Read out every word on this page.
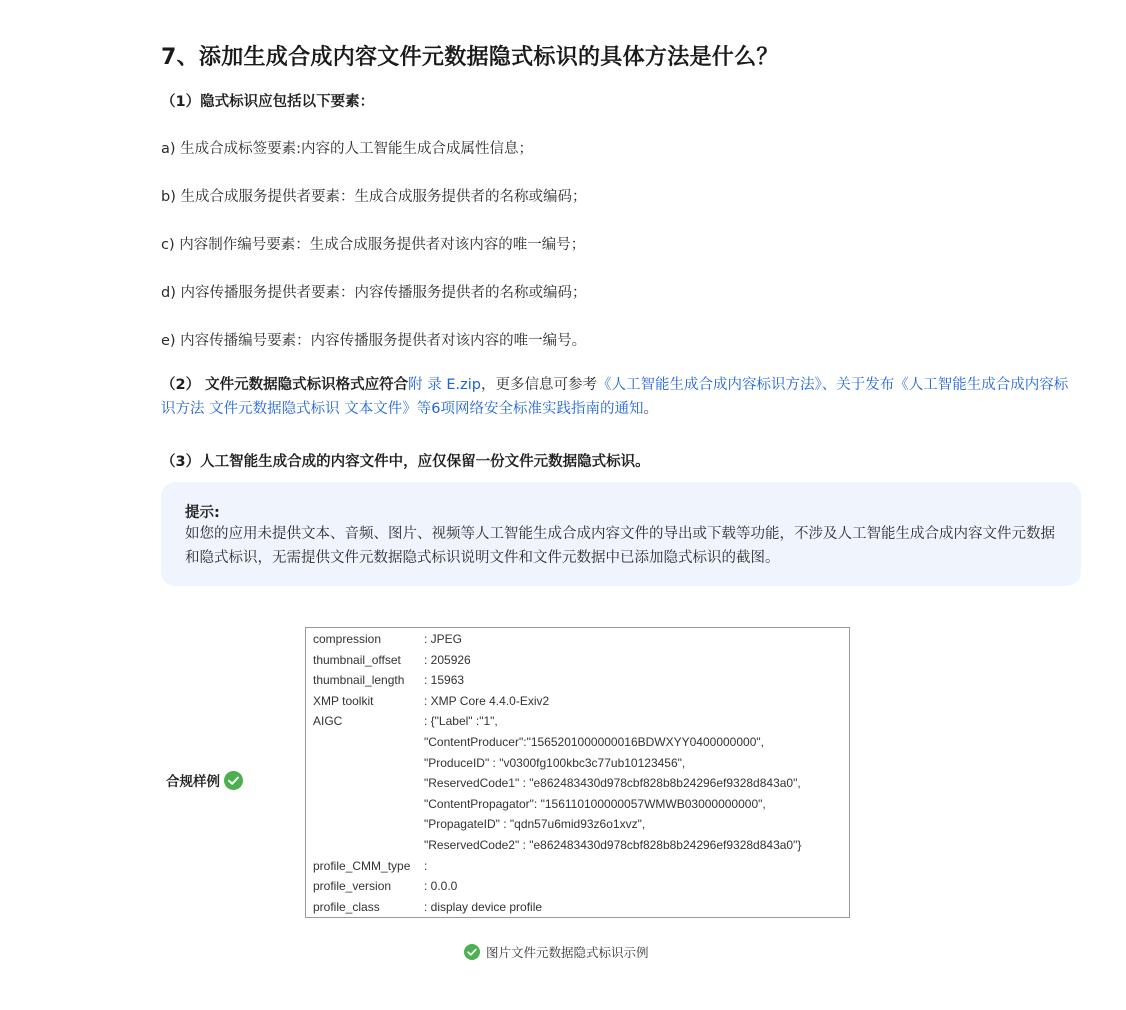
7、添加生成合成内容文件元数据隐式标识的具体方法是什么？
（1）隐式标识应包括以下要素：
a) 生成合成标签要素:内容的人工智能生成合成属性信息；
b) 生成合成服务提供者要素：生成合成服务提供者的名称或编码；
c) 内容制作编号要素：生成合成服务提供者对该内容的唯一编号；
d) 内容传播服务提供者要素：内容传播服务提供者的名称或编码；
e) 内容传播编号要素：内容传播服务提供者对该内容的唯一编号。
（2） 文件元数据隐式标识格式应符合附 录 E.zip，更多信息可参考《人工智能生成合成内容标识方法》、关于发布《人工智能生成合成内容标识方法 文件元数据隐式标识 文本文件》等6项网络安全标准实践指南的通知。
（3）人工智能生成合成的内容文件中，应仅保留一份文件元数据隐式标识。
提示:
如您的应用未提供文本、音频、图片、视频等人工智能生成合成内容文件的导出或下载等功能，不涉及人工智能生成合成内容文件元数据和隐式标识，无需提供文件元数据隐式标识说明文件和文件元数据中已添加隐式标识的截图。
合规样例
compression	: JPEG
thumbnail_offset : 205926
thumbnail_length : 15963
XMP toolkit	: XMP Core 4.4.0-Exiv2
AIGC	: {"Label" :"1",
"ContentProducer":"1565201000000016BDWXYY0400000000",
"ProduceID" : "v0300fg100kbc3c77ub10123456",
"ReservedCode1" : "e862483430d978cbf828b8b24296ef9328d843a0",
"ContentPropagator": "156110100000057WMWB03000000000",
"PropagateID" : "qdn57u6mid93z6o1xvz",
"ReservedCode2" : "e862483430d978cbf828b8b24296ef9328d843a0"}
profile_CMM_type :
profile_version	: 0.0.0
profile_class	: display device profile
图片文件元数据隐式标识示例
